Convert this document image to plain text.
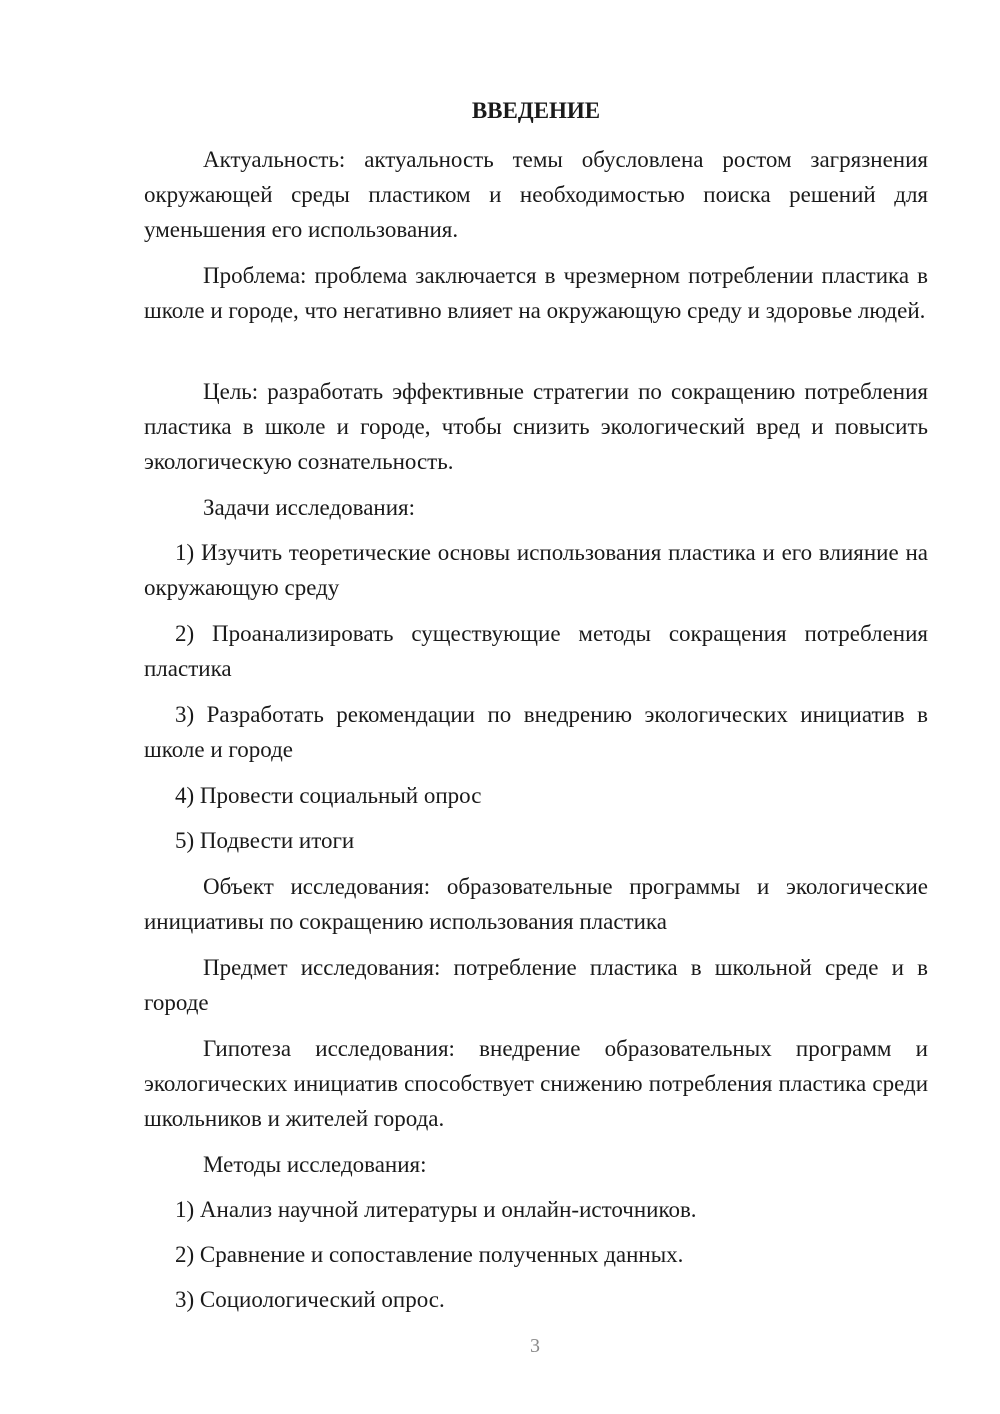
ВВЕДЕНИЕ

Актуальность: актуальность темы обусловлена ростом загрязнения окружающей среды пластиком и необходимостью поиска решений для уменьшения его использования.

Проблема: проблема заключается в чрезмерном потреблении пластика в школе и городе, что негативно влияет на окружающую среду и здоровье людей.

Цель: разработать эффективные стратегии по сокращению потребления пластика в школе и городе, чтобы снизить экологический вред и повысить экологическую сознательность.

Задачи исследования:

1) Изучить теоретические основы использования пластика и его влияние на окружающую среду

2) Проанализировать существующие методы сокращения потребления пластика

3) Разработать рекомендации по внедрению экологических инициатив в школе и городе

4) Провести социальный опрос

5) Подвести итоги

Объект исследования: образовательные программы и экологические инициативы по сокращению использования пластика

Предмет исследования: потребление пластика в школьной среде и в городе

Гипотеза исследования: внедрение образовательных программ и экологических инициатив способствует снижению потребления пластика среди школьников и жителей города.

Методы исследования:

1) Анализ научной литературы и онлайн-источников.

2) Сравнение и сопоставление полученных данных.

3) Социологический опрос.

3
